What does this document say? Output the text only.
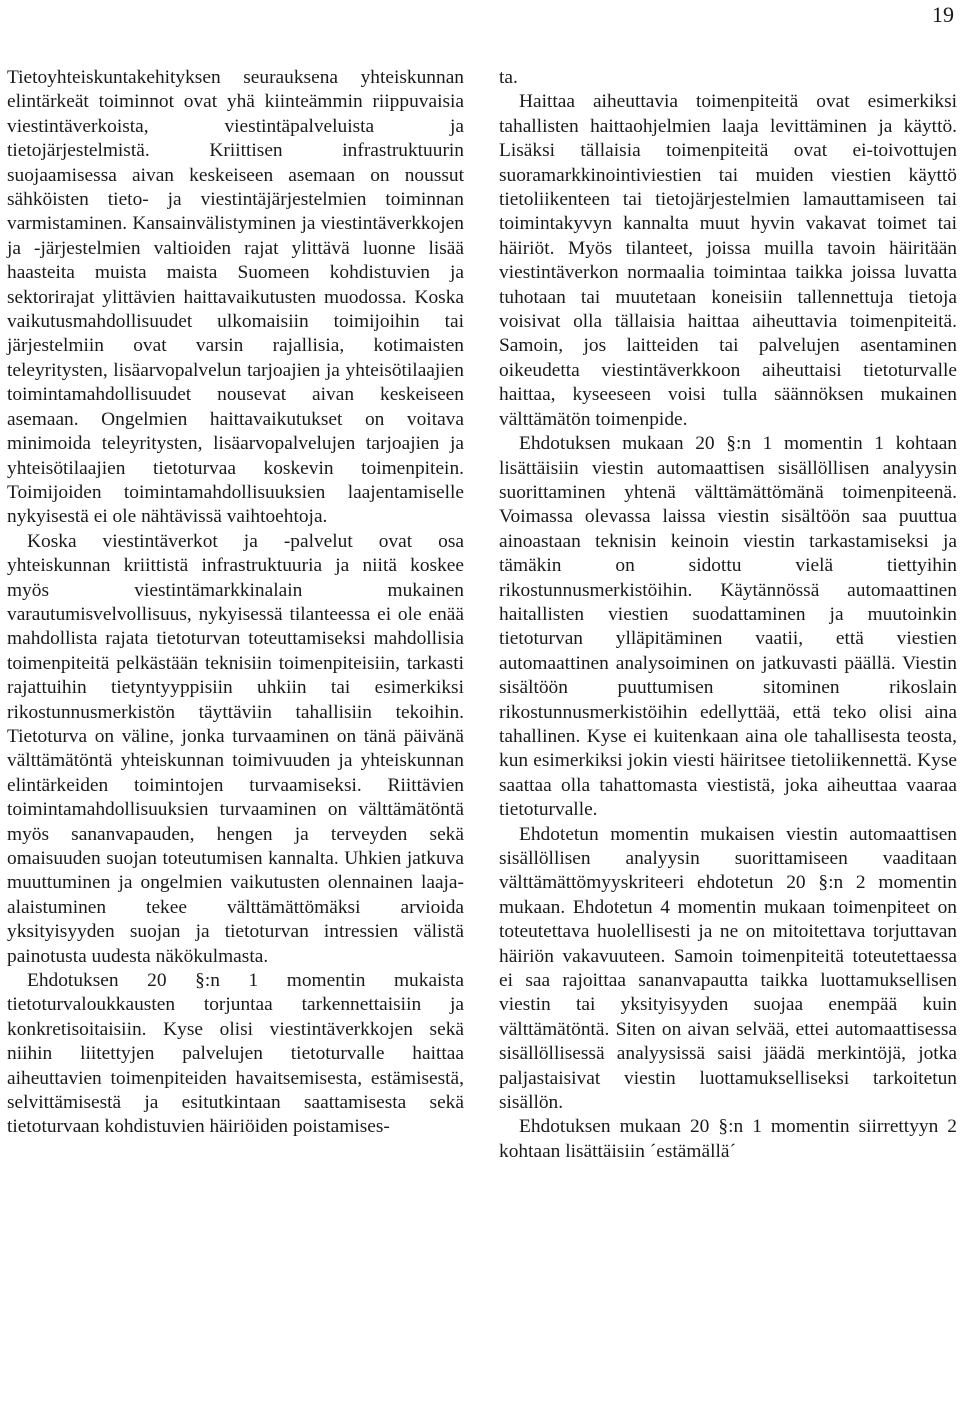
19

Tietoyhteiskuntakehityksen seurauksena yhteiskunnan elintärkeät toiminnot ovat yhä kiinteämmin riippuvaisia viestintäverkoista, viestintäpalveluista ja tietojärjestelmistä. Kriittisen infrastruktuurin suojaamisessa aivan keskeiseen asemaan on noussut sähköisten tieto- ja viestintäjärjestelmien toiminnan varmistaminen. Kansainvälistyminen ja viestintäverkkojen ja -järjestelmien valtioiden rajat ylittävä luonne lisää haasteita muista maista Suomeen kohdistuvien ja sektorirajat ylittävien haittavaikutusten muodossa. Koska vaikutusmahdollisuudet ulkomaisiin toimijoihin tai järjestelmiin ovat varsin rajallisia, kotimaisten teleyritysten, lisäarvopalvelun tarjoajien ja yhteisötilaajien toimintamahdollisuudet nousevat aivan keskeiseen asemaan. Ongelmien haittavaikutukset on voitava minimoida teleyritysten, lisäarvopalvelujen tarjoajien ja yhteisötilaajien tietoturvaa koskevin toimenpitein. Toimijoiden toimintamahdollisuuksien laajentamiselle nykyisestä ei ole nähtävissä vaihtoehtoja.

Koska viestintäverkot ja -palvelut ovat osa yhteiskunnan kriittistä infrastruktuuria ja niitä koskee myös viestintämarkkinalain mukainen varautumisvelvollisuus, nykyisessä tilanteessa ei ole enää mahdollista rajata tietoturvan toteuttamiseksi mahdollisia toimenpiteitä pelkästään teknisiin toimenpiteisiin, tarkasti rajattuihin tietyntyyppisiin uhkiin tai esimerkiksi rikostunnusmerkistön täyttäviin tahallisiin tekoihin. Tietoturva on väline, jonka turvaaminen on tänä päivänä välttämätöntä yhteiskunnan toimivuuden ja yhteiskunnan elintärkeiden toimintojen turvaamiseksi. Riittävien toimintamahdollisuuksien turvaaminen on välttämätöntä myös sananvapauden, hengen ja terveyden sekä omaisuuden suojan toteutumisen kannalta. Uhkien jatkuva muuttuminen ja ongelmien vaikutusten olennainen laaja-alaistuminen tekee välttämättömäksi arvioida yksityisyyden suojan ja tietoturvan intressien välistä painotusta uudesta näkökulmasta.

Ehdotuksen 20 §:n 1 momentin mukaista tietoturvaloukkausten torjuntaa tarkennettaisiin ja konkretisoitaisiin. Kyse olisi viestintäverkkojen sekä niihin liitettyjen palvelujen tietoturvalle haittaa aiheuttavien toimenpiteiden havaitsemisesta, estämisestä, selvittämisestä ja esitutkintaan saattamisesta sekä tietoturvaan kohdistuvien häiriöiden poistamises-

ta.

Haittaa aiheuttavia toimenpiteitä ovat esimerkiksi tahallisten haittaohjelmien laaja levittäminen ja käyttö. Lisäksi tällaisia toimenpiteitä ovat ei-toivottujen suoramarkkinointiviestien tai muiden viestien käyttö tietoliikenteen tai tietojärjestelmien lamauttamiseen tai toimintakyvyn kannalta muut hyvin vakavat toimet tai häiriöt. Myös tilanteet, joissa muilla tavoin häiritään viestintäverkon normaalia toimintaa taikka joissa luvatta tuhotaan tai muutetaan koneisiin tallennettuja tietoja voisivat olla tällaisia haittaa aiheuttavia toimenpiteitä. Samoin, jos laitteiden tai palvelujen asentaminen oikeudetta viestintäverkkoon aiheuttaisi tietoturvalle haittaa, kyseeseen voisi tulla säännöksen mukainen välttämätön toimenpide.

Ehdotuksen mukaan 20 §:n 1 momentin 1 kohtaan lisättäisiin viestin automaattisen sisällöllisen analyysin suorittaminen yhtenä välttämättömänä toimenpiteenä. Voimassa olevassa laissa viestin sisältöön saa puuttua ainoastaan teknisin keinoin viestin tarkastamiseksi ja tämäkin on sidottu vielä tiettyihin rikostunnusmerkistöihin. Käytännössä automaattinen haitallisten viestien suodattaminen ja muutoinkin tietoturvan ylläpitäminen vaatii, että viestien automaattinen analysoiminen on jatkuvasti päällä. Viestin sisältöön puuttumisen sitominen rikoslain rikostunnusmerkistöihin edellyttää, että teko olisi aina tahallinen. Kyse ei kuitenkaan aina ole tahallisesta teosta, kun esimerkiksi jokin viesti häiritsee tietoliikennettä. Kyse saattaa olla tahattomasta viestistä, joka aiheuttaa vaaraa tietoturvalle.

Ehdotetun momentin mukaisen viestin automaattisen sisällöllisen analyysin suorittamiseen vaaditaan välttämättömyyskriteeri ehdotetun 20 §:n 2 momentin mukaan. Ehdotetun 4 momentin mukaan toimenpiteet on toteutettava huolellisesti ja ne on mitoitettava torjuttavan häiriön vakavuuteen. Samoin toimenpiteitä toteutettaessa ei saa rajoittaa sananvapautta taikka luottamuksellisen viestin tai yksityisyyden suojaa enempää kuin välttämätöntä. Siten on aivan selvää, ettei automaattisessa sisällöllisessä analyysissä saisi jäädä merkintöjä, jotka paljastaisivat viestin luottamukselliseksi tarkoitetun sisällön.

Ehdotuksen mukaan 20 §:n 1 momentin siirrettyyn 2 kohtaan lisättäisiin ´estämällä´
